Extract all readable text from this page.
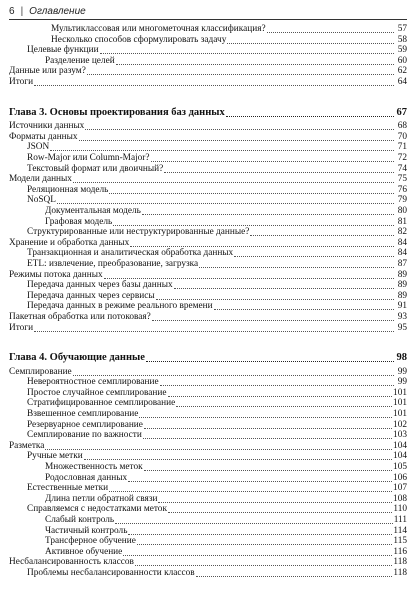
6 | Оглавление
Мультиклассовая или многометочная классификация?	57
Несколько способов сформулировать задачу	58
Целевые функции	59
Разделение целей	60
Данные или разум?	62
Итоги	64
Глава 3. Основы проектирования баз данных	67
Источники данных	68
Форматы данных	70
JSON	71
Row-Major или Column-Major?	72
Текстовый формат или двоичный?	74
Модели данных	75
Реляционная модель	76
NoSQL	79
Документальная модель	80
Графовая модель	81
Структурированные или неструктурированные данные?	82
Хранение и обработка данных	84
Транзакционная и аналитическая обработка данных	84
ETL: извлечение, преобразование, загрузка	87
Режимы потока данных	89
Передача данных через базы данных	89
Передача данных через сервисы	89
Передача данных в режиме реального времени	91
Пакетная обработка или потоковая?	93
Итоги	95
Глава 4. Обучающие данные	98
Семплирование	99
Невероятностное семплирование	99
Простое случайное семплирование	101
Стратифицированное семплирование	101
Взвешенное семплирование	101
Резервуарное семплирование	102
Семплирование по важности	103
Разметка	104
Ручные метки	104
Множественность меток	105
Родословная данных	106
Естественные метки	107
Длина петли обратной связи	108
Справляемся с недостатками меток	110
Слабый контроль	111
Частичный контроль	114
Трансферное обучение	115
Активное обучение	116
Несбалансированность классов	118
Проблемы несбалансированности классов	118
